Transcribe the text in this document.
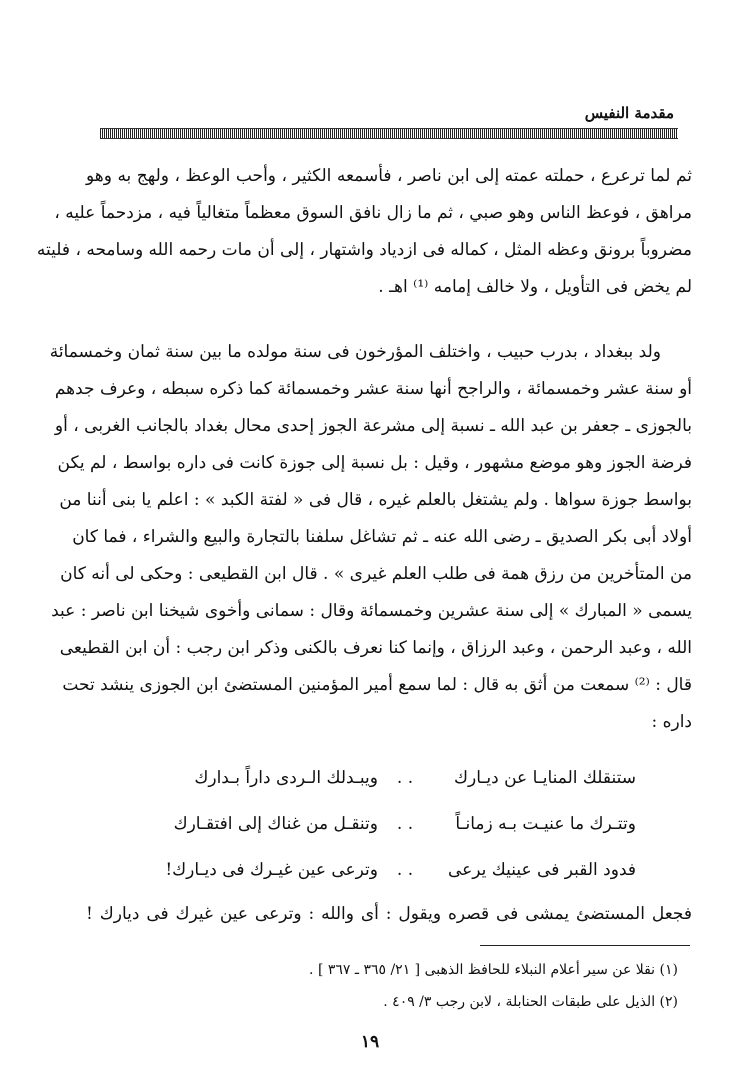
مقدمة النفيس
ثم لما ترعرع ، حملته عمته إلى ابن ناصر ، فأسمعه الكثير ، وأحب الوعظ ، ولهج به وهو
مراهق ، فوعظ الناس وهو صبي ، ثم ما زال نافق السوق معظماً متغالياً فيه ، مزدحماً عليه ،
مضروباً برونق وعظه المثل ، كماله فى ازدياد واشتهار ، إلى أن مات رحمه الله وسامحه ، فليته
لم يخض فى التأويل ، ولا خالف إمامه ⁽¹⁾ اهـ .
ولد ببغداد ، بدرب حبيب ، واختلف المؤرخون فى سنة مولده ما بين سنة ثمان وخمسمائة
أو سنة عشر وخمسمائة ، والراجح أنها سنة عشر وخمسمائة كما ذكره سبطه ، وعرف جدهم
بالجوزى ـ جعفر بن عبد الله ـ نسبة إلى مشرعة الجوز إحدى محال بغداد بالجانب الغربى ، أو
فرضة الجوز وهو موضع مشهور ، وقيل : بل نسبة إلى جوزة كانت فى داره بواسط ، لم يكن
بواسط جوزة سواها . ولم يشتغل بالعلم غيره ، قال فى « لفتة الكبد » : اعلم يا بنى أننا من
أولاد أبى بكر الصديق ـ رضى الله عنه ـ ثم تشاغل سلفنا بالتجارة والبيع والشراء ، فما كان
من المتأخرين من رزق همة فى طلب العلم غيرى » . قال ابن القطيعى : وحكى لى أنه كان
يسمى « المبارك » إلى سنة عشرين وخمسمائة وقال : سمانى وأخوى شيخنا ابن ناصر : عبد
الله ، وعبد الرحمن ، وعبد الرزاق ، وإنما كنا نعرف بالكنى وذكر ابن رجب : أن ابن القطيعى
قال : ⁽²⁾ سمعت من أثق به قال : لما سمع أمير المؤمنين المستضئ ابن الجوزى ينشد تحت
داره :
ستنقلك المنايـا عن ديـارك
. .
ويبـدلك الـردى داراً بـدارك
وتتـرك ما عنيـت بـه زمانـاً
. .
وتنقـل من غناك إلى افتقـارك
فدود القبر فى عينيك يرعى
. .
وترعى عين غيـرك فى ديـارك!
فجعل المستضئ يمشى فى قصره ويقول : أى والله : وترعى عين غيرك فى ديارك !
(١) نقلا عن سير أعلام النبلاء للحافظ الذهبى [ ٢١/ ٣٦٥ ـ ٣٦٧ ] .
(٢) الذيل على طبقات الحنابلة ، لابن رجب ٣/ ٤٠٩ .
١٩
